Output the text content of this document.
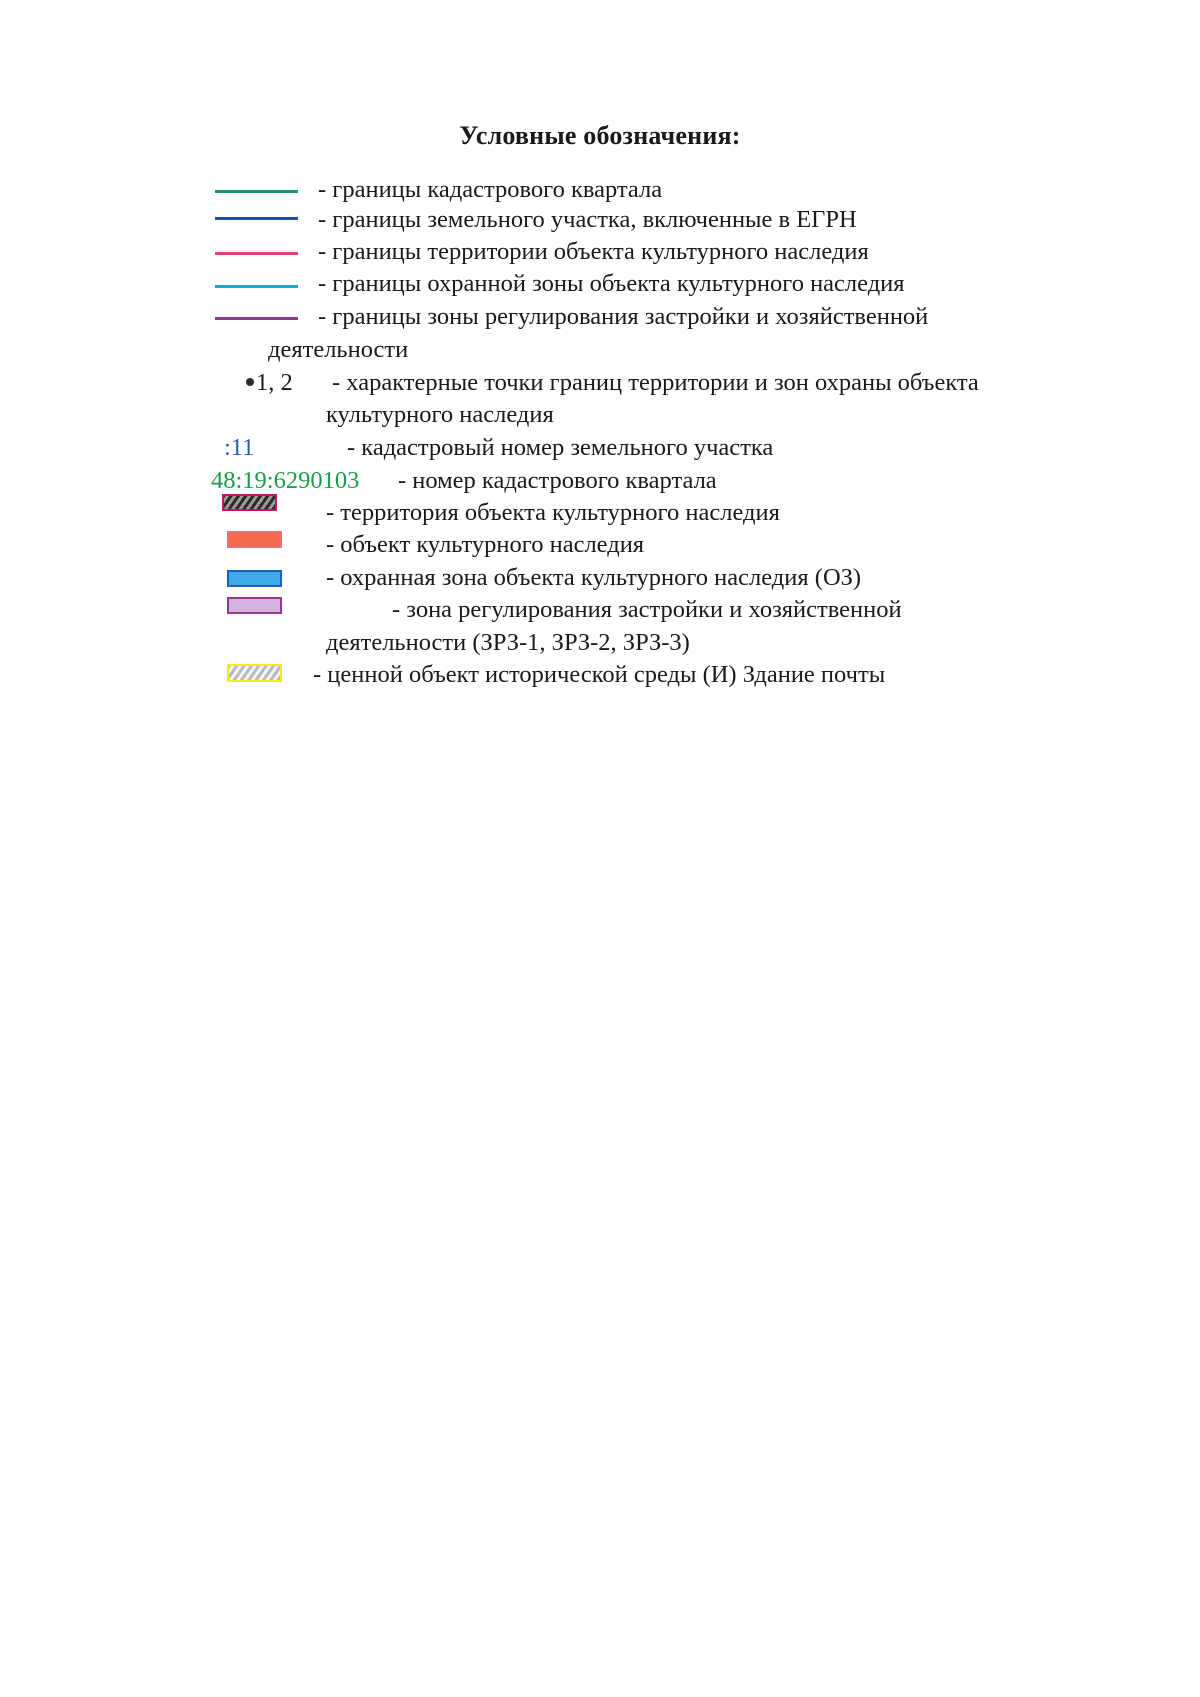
Условные обозначения:
- границы кадастрового квартала
- границы земельного участка, включенные в ЕГРН
- границы территории объекта культурного наследия
- границы охранной зоны объекта культурного наследия
- границы зоны регулирования застройки и хозяйственной
деятельности
1, 2 - характерные точки границ территории и зон охраны объекта
культурного наследия
:11	- кадастровый номер земельного участка
48:19:6290103 - номер кадастрового квартала
- территория объекта культурного наследия
- объект культурного наследия
- охранная зона объекта культурного наследия (ОЗ)
- зона регулирования застройки и хозяйственной
деятельности (ЗРЗ-1, ЗРЗ-2, ЗРЗ-3)
- ценной объект исторической среды (И) Здание почты
